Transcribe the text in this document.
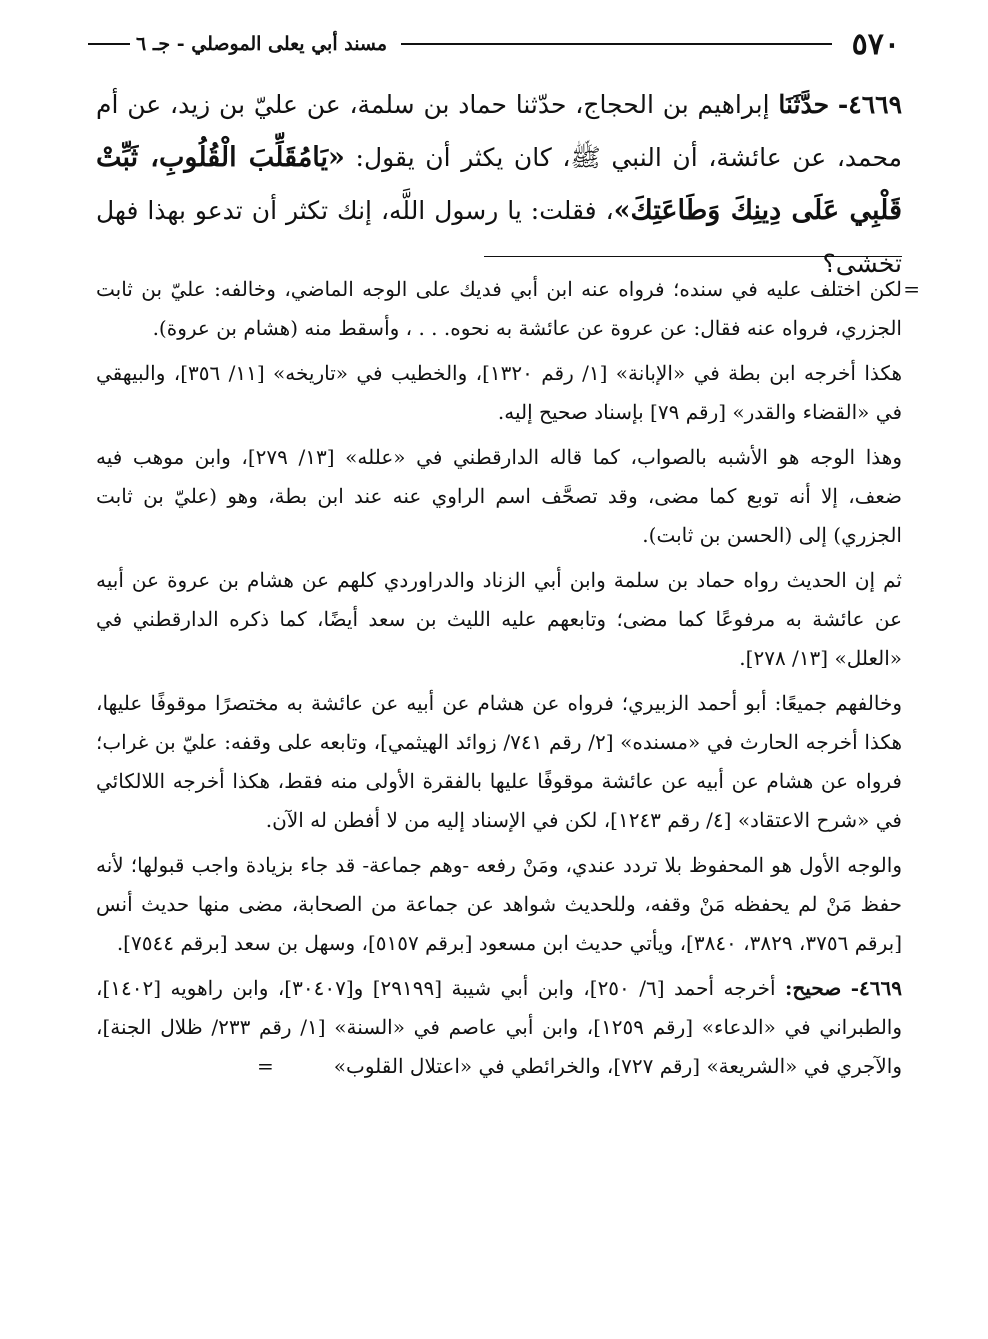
٥٧٠
مسند أبي يعلى الموصلي - جـ ٦
٤٦٦٩- حدَّثَنَا إبراهيم بن الحجاج، حدّثنا حماد بن سلمة، عن عليّ بن زيد، عن أم محمد، عن عائشة، أن النبي ﷺ، كان يكثر أن يقول: «يَامُقَلِّبَ الْقُلُوبِ، ثَبِّتْ قَلْبِي عَلَى دِينِكَ وَطَاعَتِكَ»، فقلت: يا رسول اللَّه، إنك تكثر أن تدعو بهذا فهل تخشى؟

=
لكن اختلف عليه في سنده؛ فرواه عنه ابن أبي فديك على الوجه الماضي، وخالفه: عليّ بن ثابت الجزري، فرواه عنه فقال: عن عروة عن عائشة به نحوه. . . ، وأسقط منه (هشام بن عروة).

هكذا أخرجه ابن بطة في «الإبانة» [١/ رقم ١٣٢٠]، والخطيب في «تاريخه» [١١/ ٣٥٦]، والبيهقي في «القضاء والقدر» [رقم ٧٩] بإسناد صحيح إليه.

وهذا الوجه هو الأشبه بالصواب، كما قاله الدارقطني في «علله» [١٣/ ٢٧٩]، وابن موهب فيه ضعف، إلا أنه توبع كما مضى، وقد تصحَّف اسم الراوي عنه عند ابن بطة، وهو (عليّ بن ثابت الجزري) إلى (الحسن بن ثابت).

ثم إن الحديث رواه حماد بن سلمة وابن أبي الزناد والدراوردي كلهم عن هشام بن عروة عن أبيه عن عائشة به مرفوعًا كما مضى؛ وتابعهم عليه الليث بن سعد أيضًا، كما ذكره الدارقطني في «العلل» [١٣/ ٢٧٨].

وخالفهم جميعًا: أبو أحمد الزبيري؛ فرواه عن هشام عن أبيه عن عائشة به مختصرًا موقوفًا عليها، هكذا أخرجه الحارث في «مسنده» [٢/ رقم ٧٤١/ زوائد الهيثمي]، وتابعه على وقفه: عليّ بن غراب؛ فرواه عن هشام عن أبيه عن عائشة موقوفًا عليها بالفقرة الأولى منه فقط، هكذا أخرجه اللالكائي في «شرح الاعتقاد» [٤/ رقم ١٢٤٣]، لكن في الإسناد إليه من لا أفطن له الآن.

والوجه الأول هو المحفوظ بلا تردد عندي، ومَنْ رفعه -وهم جماعة- قد جاء بزيادة واجب قبولها؛ لأنه حفظ مَنْ لم يحفظه مَنْ وقفه، وللحديث شواهد عن جماعة من الصحابة، مضى منها حديث أنس [برقم ٣٧٥٦، ٣٨٢٩، ٣٨٤٠]، ويأتي حديث ابن مسعود [برقم ٥١٥٧]، وسهل بن سعد [برقم ٧٥٤٤].

٤٦٦٩- صحيح: أخرجه أحمد [٦/ ٢٥٠]، وابن أبي شيبة [٢٩١٩٩] و[٣٠٤٠٧]، وابن راهويه [١٤٠٢]، والطبراني في «الدعاء» [رقم ١٢٥٩]، وابن أبي عاصم في «السنة» [١/ رقم ٢٣٣/ ظلال الجنة]، والآجري في «الشريعة» [رقم ٧٢٧]، والخرائطي في «اعتلال القلوب»=
